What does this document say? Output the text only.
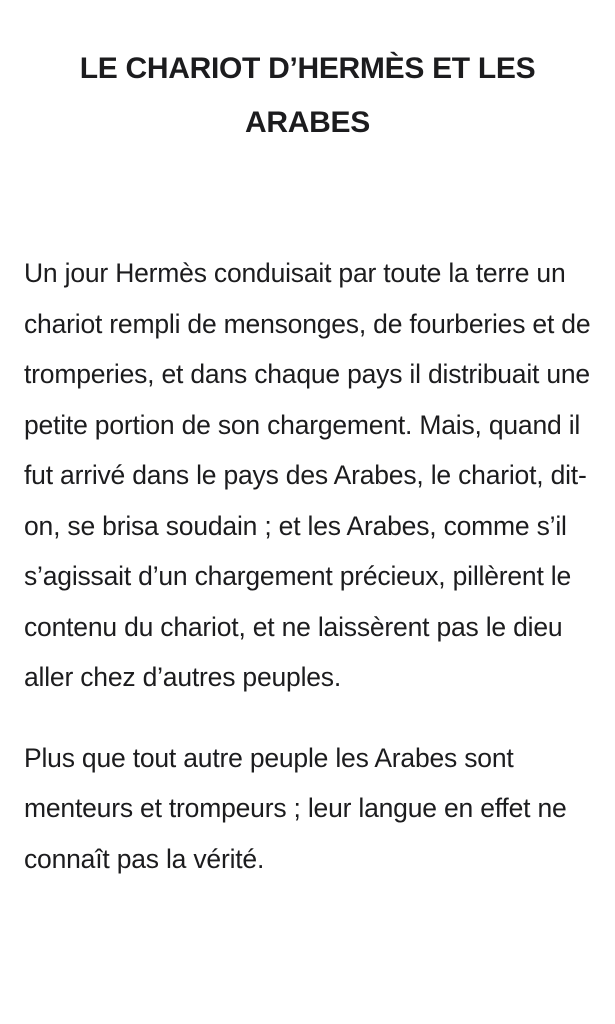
LE CHARIOT D’HERMÈS ET LES ARABES

Un jour Hermès conduisait par toute la terre un chariot rempli de mensonges, de fourberies et de tromperies, et dans chaque pays il distribuait une petite portion de son chargement. Mais, quand il fut arrivé dans le pays des Arabes, le chariot, dit-on, se brisa soudain ; et les Arabes, comme s’il s’agissait d’un chargement précieux, pillèrent le contenu du chariot, et ne laissèrent pas le dieu aller chez d’autres peuples.

Plus que tout autre peuple les Arabes sont menteurs et trompeurs ; leur langue en effet ne connaît pas la vérité.
